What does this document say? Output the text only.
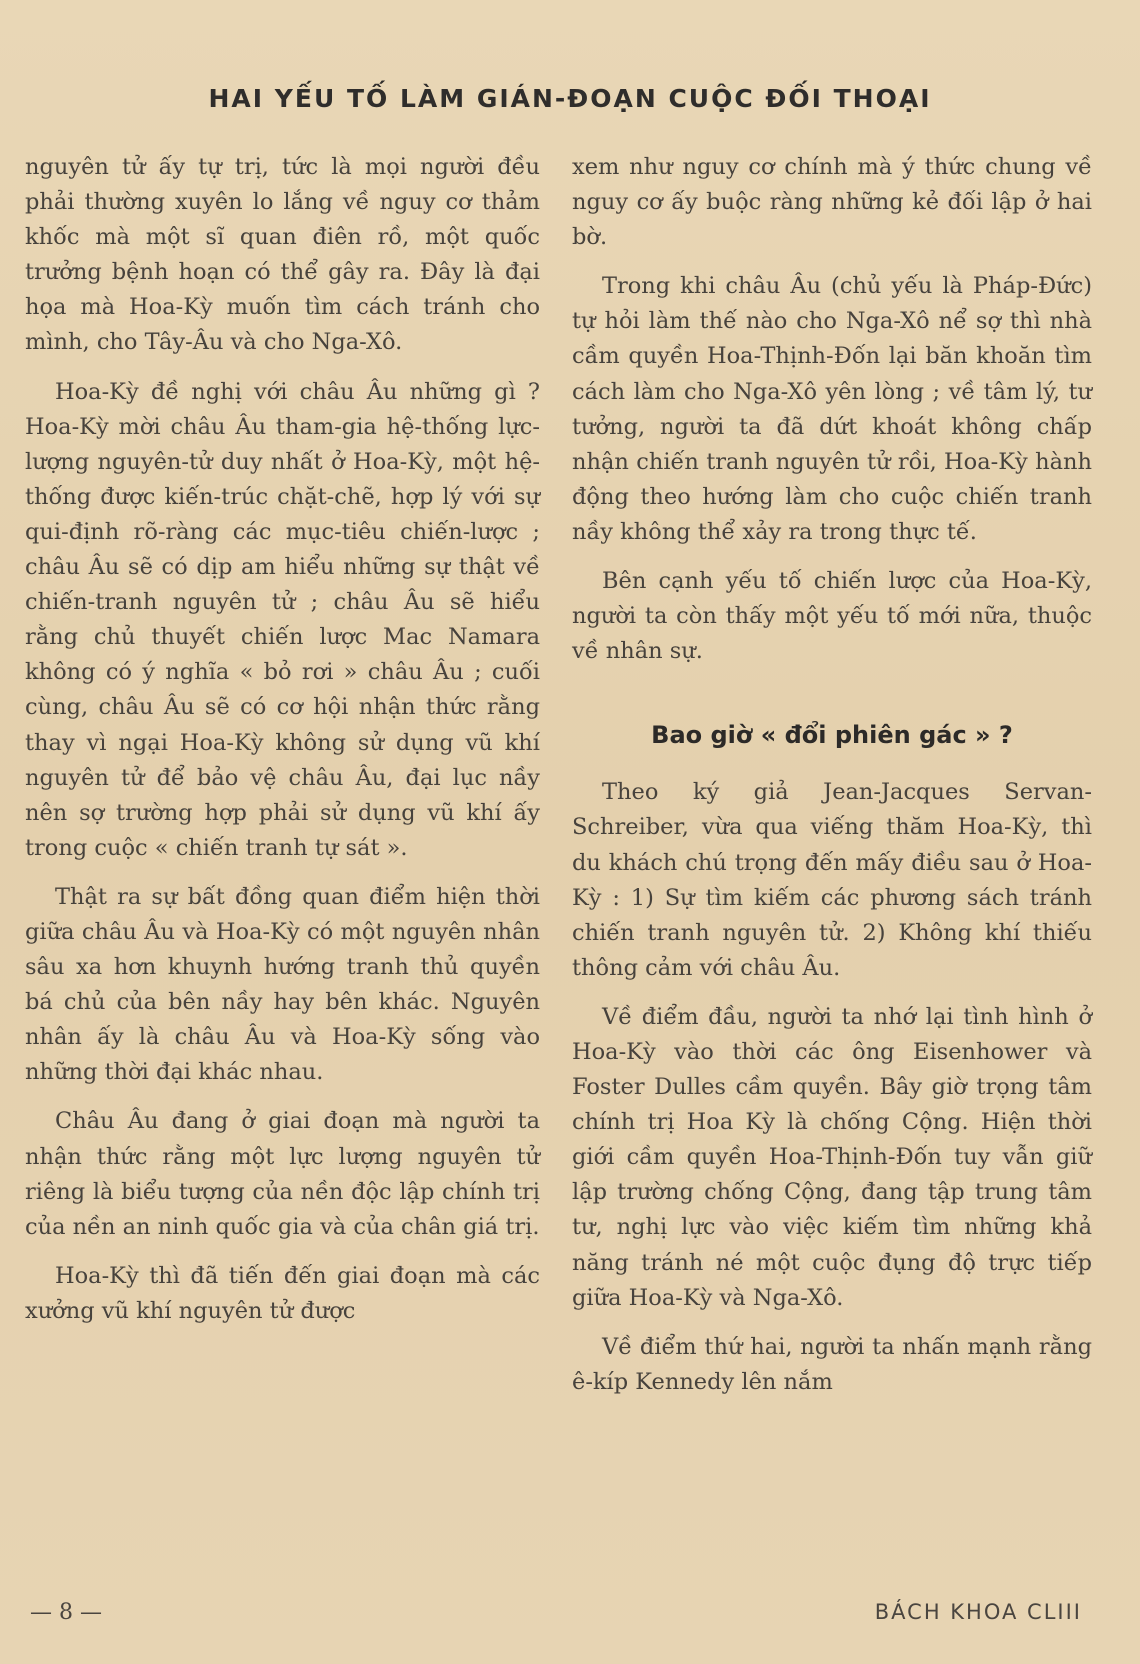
HAI YẾU TỐ LÀM GIÁN-ĐOẠN CUỘC ĐỐI THOẠI

nguyên tử ấy tự trị, tức là mọi người đều phải thường xuyên lo lắng về nguy cơ thảm khốc mà một sĩ quan điên rồ, một quốc trưởng bệnh hoạn có thể gây ra. Đây là đại họa mà Hoa-Kỳ muốn tìm cách tránh cho mình, cho Tây-Âu và cho Nga-Xô.

Hoa-Kỳ đề nghị với châu Âu những gì ? Hoa-Kỳ mời châu Âu tham-gia hệ-thống lực-lượng nguyên-tử duy nhất ở Hoa-Kỳ, một hệ-thống được kiến-trúc chặt-chẽ, hợp lý với sự qui-định rõ-ràng các mục-tiêu chiến-lược ; châu Âu sẽ có dịp am hiểu những sự thật về chiến-tranh nguyên tử ; châu Âu sẽ hiểu rằng chủ thuyết chiến lược Mac Namara không có ý nghĩa « bỏ rơi » châu Âu ; cuối cùng, châu Âu sẽ có cơ hội nhận thức rằng thay vì ngại Hoa-Kỳ không sử dụng vũ khí nguyên tử để bảo vệ châu Âu, đại lục nầy nên sợ trường hợp phải sử dụng vũ khí ấy trong cuộc « chiến tranh tự sát ».

Thật ra sự bất đồng quan điểm hiện thời giữa châu Âu và Hoa-Kỳ có một nguyên nhân sâu xa hơn khuynh hướng tranh thủ quyền bá chủ của bên nầy hay bên khác. Nguyên nhân ấy là châu Âu và Hoa-Kỳ sống vào những thời đại khác nhau.

Châu Âu đang ở giai đoạn mà người ta nhận thức rằng một lực lượng nguyên tử riêng là biểu tượng của nền độc lập chính trị của nền an ninh quốc gia và của chân giá trị.

Hoa-Kỳ thì đã tiến đến giai đoạn mà các xưởng vũ khí nguyên tử được

xem như nguy cơ chính mà ý thức chung về nguy cơ ấy buộc ràng những kẻ đối lập ở hai bờ.

Trong khi châu Âu (chủ yếu là Pháp-Đức) tự hỏi làm thế nào cho Nga-Xô nể sợ thì nhà cầm quyền Hoa-Thịnh-Đốn lại băn khoăn tìm cách làm cho Nga-Xô yên lòng ; về tâm lý, tư tưởng, người ta đã dứt khoát không chấp nhận chiến tranh nguyên tử rồi, Hoa-Kỳ hành động theo hướng làm cho cuộc chiến tranh nầy không thể xảy ra trong thực tế.

Bên cạnh yếu tố chiến lược của Hoa-Kỳ, người ta còn thấy một yếu tố mới nữa, thuộc về nhân sự.

Bao giờ « đổi phiên gác » ?

Theo ký giả Jean-Jacques Servan-Schreiber, vừa qua viếng thăm Hoa-Kỳ, thì du khách chú trọng đến mấy điều sau ở Hoa-Kỳ : 1) Sự tìm kiếm các phương sách tránh chiến tranh nguyên tử. 2) Không khí thiếu thông cảm với châu Âu.

Về điểm đầu, người ta nhớ lại tình hình ở Hoa-Kỳ vào thời các ông Eisenhower và Foster Dulles cầm quyền. Bây giờ trọng tâm chính trị Hoa Kỳ là chống Cộng. Hiện thời giới cầm quyền Hoa-Thịnh-Đốn tuy vẫn giữ lập trường chống Cộng, đang tập trung tâm tư, nghị lực vào việc kiếm tìm những khả năng tránh né một cuộc đụng độ trực tiếp giữa Hoa-Kỳ và Nga-Xô.

Về điểm thứ hai, người ta nhấn mạnh rằng ê-kíp Kennedy lên nắm

— 8 —	BÁCH KHOA CLIII
